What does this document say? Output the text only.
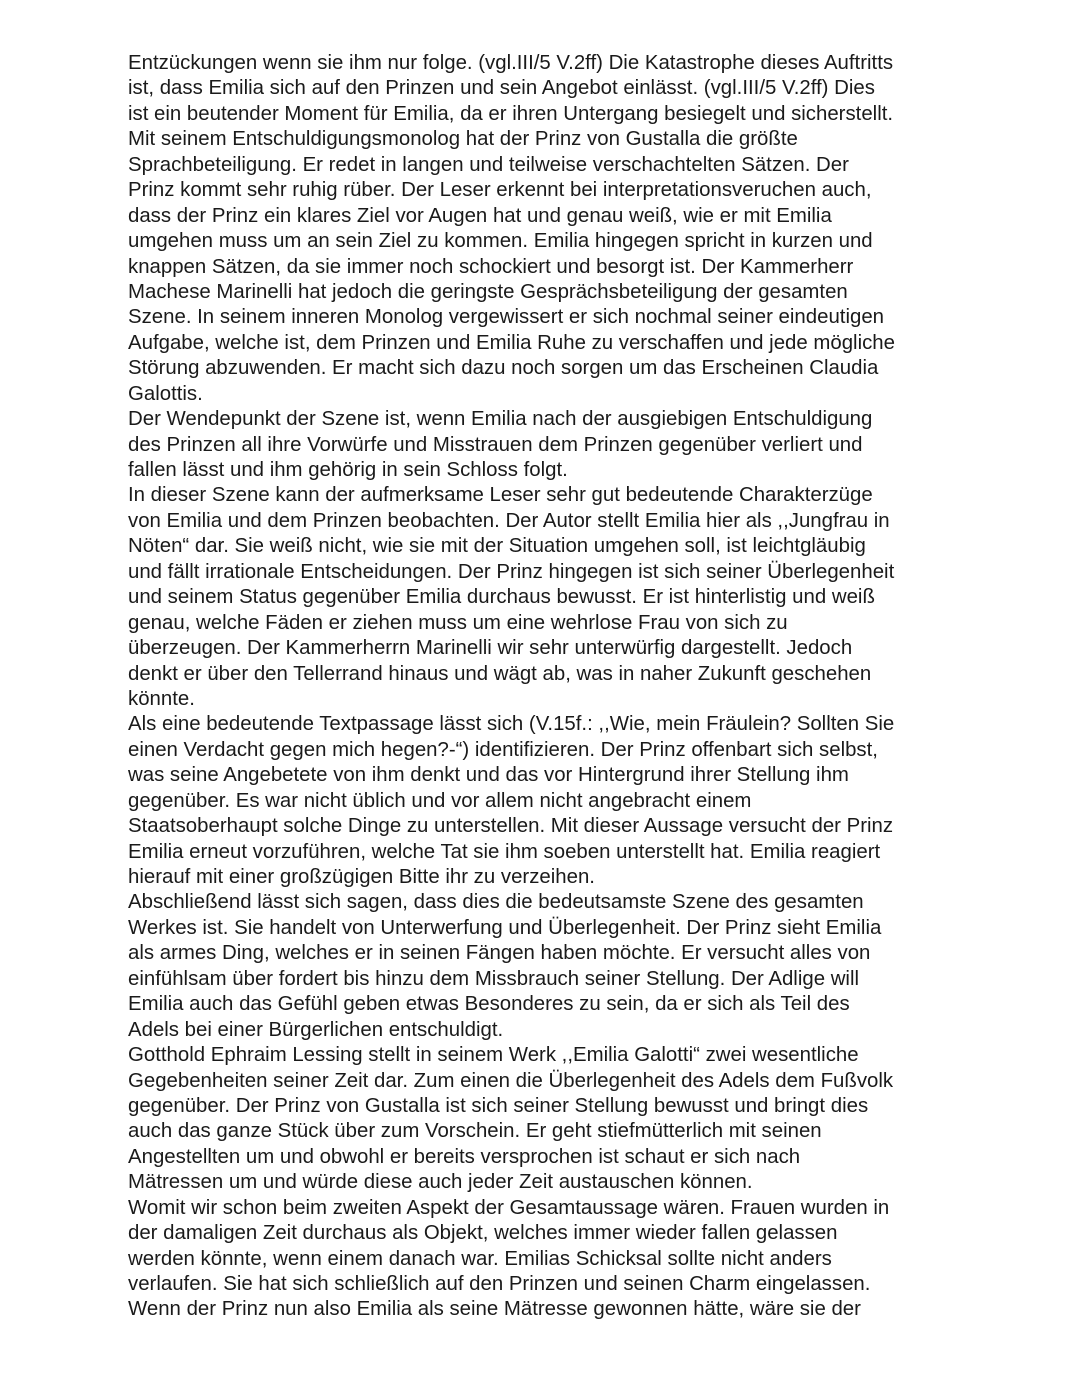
Entzückungen wenn sie ihm nur folge. (vgl.III/5 V.2ff) Die Katastrophe dieses Auftritts
ist, dass Emilia sich auf den Prinzen und sein Angebot einlässt. (vgl.III/5 V.2ff) Dies
ist ein beutender Moment für Emilia, da er ihren Untergang besiegelt und sicherstellt.
Mit seinem Entschuldigungsmonolog hat der Prinz von Gustalla die größte
Sprachbeteiligung. Er redet in langen und teilweise verschachtelten Sätzen. Der
Prinz kommt sehr ruhig rüber. Der Leser erkennt bei interpretationsveruchen auch,
dass der Prinz ein klares Ziel vor Augen hat und genau weiß, wie er mit Emilia
umgehen muss um an sein Ziel zu kommen. Emilia hingegen spricht in kurzen und
knappen Sätzen, da sie immer noch schockiert und besorgt ist. Der Kammerherr
Machese Marinelli hat jedoch die geringste Gesprächsbeteiligung der gesamten
Szene. In seinem inneren Monolog vergewissert er sich nochmal seiner eindeutigen
Aufgabe, welche ist, dem Prinzen und Emilia Ruhe zu verschaffen und jede mögliche
Störung abzuwenden. Er macht sich dazu noch sorgen um das Erscheinen Claudia
Galottis.
Der Wendepunkt der Szene ist, wenn Emilia nach der ausgiebigen Entschuldigung
des Prinzen all ihre Vorwürfe und Misstrauen dem Prinzen gegenüber verliert und
fallen lässt und ihm gehörig in sein Schloss folgt.
In dieser Szene kann der aufmerksame Leser sehr gut bedeutende Charakterzüge
von Emilia und dem Prinzen beobachten. Der Autor stellt Emilia hier als ,,Jungfrau in
Nöten“ dar. Sie weiß nicht, wie sie mit der Situation umgehen soll, ist leichtgläubig
und fällt irrationale Entscheidungen. Der Prinz hingegen ist sich seiner Überlegenheit
und seinem Status gegenüber Emilia durchaus bewusst. Er ist hinterlistig und weiß
genau, welche Fäden er ziehen muss um eine wehrlose Frau von sich zu
überzeugen. Der Kammerherrn Marinelli wir sehr unterwürfig dargestellt. Jedoch
denkt er über den Tellerrand hinaus und wägt ab, was in naher Zukunft geschehen
könnte.
Als eine bedeutende Textpassage lässt sich (V.15f.: ,,Wie, mein Fräulein? Sollten Sie
einen Verdacht gegen mich hegen?-“) identifizieren. Der Prinz offenbart sich selbst,
was seine Angebetete von ihm denkt und das vor Hintergrund ihrer Stellung ihm
gegenüber. Es war nicht üblich und vor allem nicht angebracht einem
Staatsoberhaupt solche Dinge zu unterstellen. Mit dieser Aussage versucht der Prinz
Emilia erneut vorzuführen, welche Tat sie ihm soeben unterstellt hat. Emilia reagiert
hierauf mit einer großzügigen Bitte ihr zu verzeihen.
Abschließend lässt sich sagen, dass dies die bedeutsamste Szene des gesamten
Werkes ist. Sie handelt von Unterwerfung und Überlegenheit. Der Prinz sieht Emilia
als armes Ding, welches er in seinen Fängen haben möchte. Er versucht alles von
einfühlsam über fordert bis hinzu dem Missbrauch seiner Stellung. Der Adlige will
Emilia auch das Gefühl geben etwas Besonderes zu sein, da er sich als Teil des
Adels bei einer Bürgerlichen entschuldigt.
Gotthold Ephraim Lessing stellt in seinem Werk ,,Emilia Galotti“ zwei wesentliche
Gegebenheiten seiner Zeit dar. Zum einen die Überlegenheit des Adels dem Fußvolk
gegenüber. Der Prinz von Gustalla ist sich seiner Stellung bewusst und bringt dies
auch das ganze Stück über zum Vorschein. Er geht stiefmütterlich mit seinen
Angestellten um und obwohl er bereits versprochen ist schaut er sich nach
Mätressen um und würde diese auch jeder Zeit austauschen können.
Womit wir schon beim zweiten Aspekt der Gesamtaussage wären. Frauen wurden in
der damaligen Zeit durchaus als Objekt, welches immer wieder fallen gelassen
werden könnte, wenn einem danach war. Emilias Schicksal sollte nicht anders
verlaufen. Sie hat sich schließlich auf den Prinzen und seinen Charm eingelassen.
Wenn der Prinz nun also Emilia als seine Mätresse gewonnen hätte, wäre sie der
